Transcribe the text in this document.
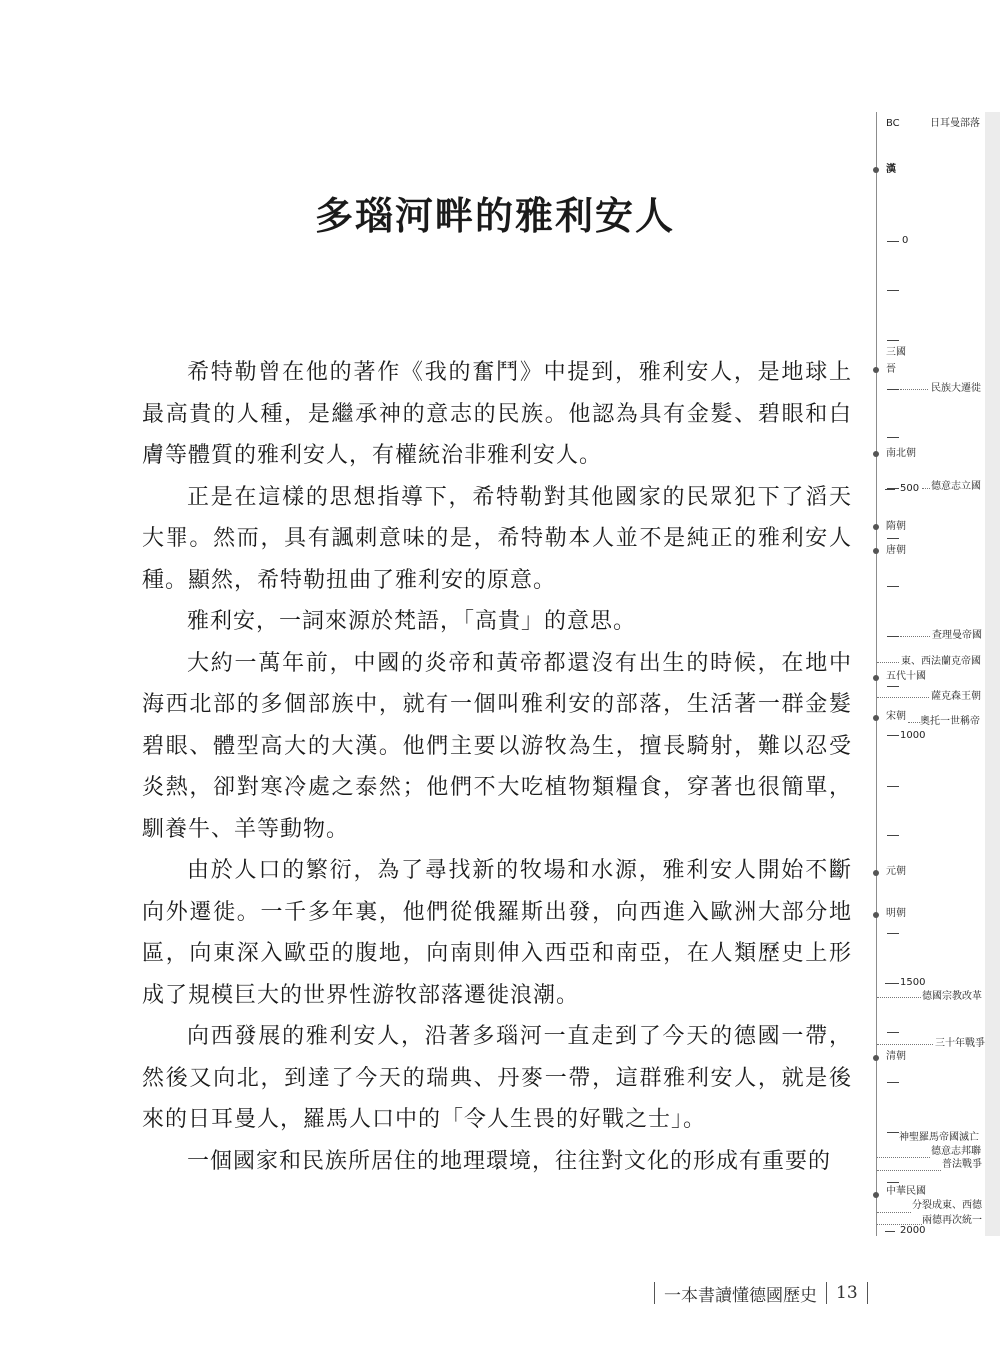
多瑙河畔的雅利安人

希特勒曾在他的著作《我的奮鬥》中提到，雅利安人，是地球上最高貴的人種，是繼承神的意志的民族。他認為具有金髮、碧眼和白膚等體質的雅利安人，有權統治非雅利安人。

正是在這樣的思想指導下，希特勒對其他國家的民眾犯下了滔天大罪。然而，具有諷刺意味的是，希特勒本人並不是純正的雅利安人種。顯然，希特勒扭曲了雅利安的原意。

雅利安，一詞來源於梵語，「高貴」的意思。

大約一萬年前，中國的炎帝和黃帝都還沒有出生的時候，在地中海西北部的多個部族中，就有一個叫雅利安的部落，生活著一群金髮碧眼、體型高大的大漢。他們主要以游牧為生，擅長騎射，難以忍受炎熱，卻對寒冷處之泰然；他們不大吃植物類糧食，穿著也很簡單，馴養牛、羊等動物。

由於人口的繁衍，為了尋找新的牧場和水源，雅利安人開始不斷向外遷徙。一千多年裏，他們從俄羅斯出發，向西進入歐洲大部分地區，向東深入歐亞的腹地，向南則伸入西亞和南亞，在人類歷史上形成了規模巨大的世界性游牧部落遷徙浪潮。

向西發展的雅利安人，沿著多瑙河一直走到了今天的德國一帶，然後又向北，到達了今天的瑞典、丹麥一帶，這群雅利安人，就是後來的日耳曼人，羅馬人口中的「令人生畏的好戰之士」。

一個國家和民族所居住的地理環境，往往對文化的形成有重要的

BC	日耳曼部落
漢
三國
晉
民族大遷徙
南北朝
德意志立國
隋朝
唐朝
查理曼帝國
東、西法蘭克帝國
五代十國
薩克森王朝
宋朝 奧托一世稱帝
元朝
明朝
德國宗教改革
三十年戰爭
清朝
神聖羅馬帝國滅亡
德意志邦聯
普法戰爭
中華民國
分裂成東、西德
兩德再次統一
0
500
1000
1500
2000
一本書讀懂德國歷史 13
